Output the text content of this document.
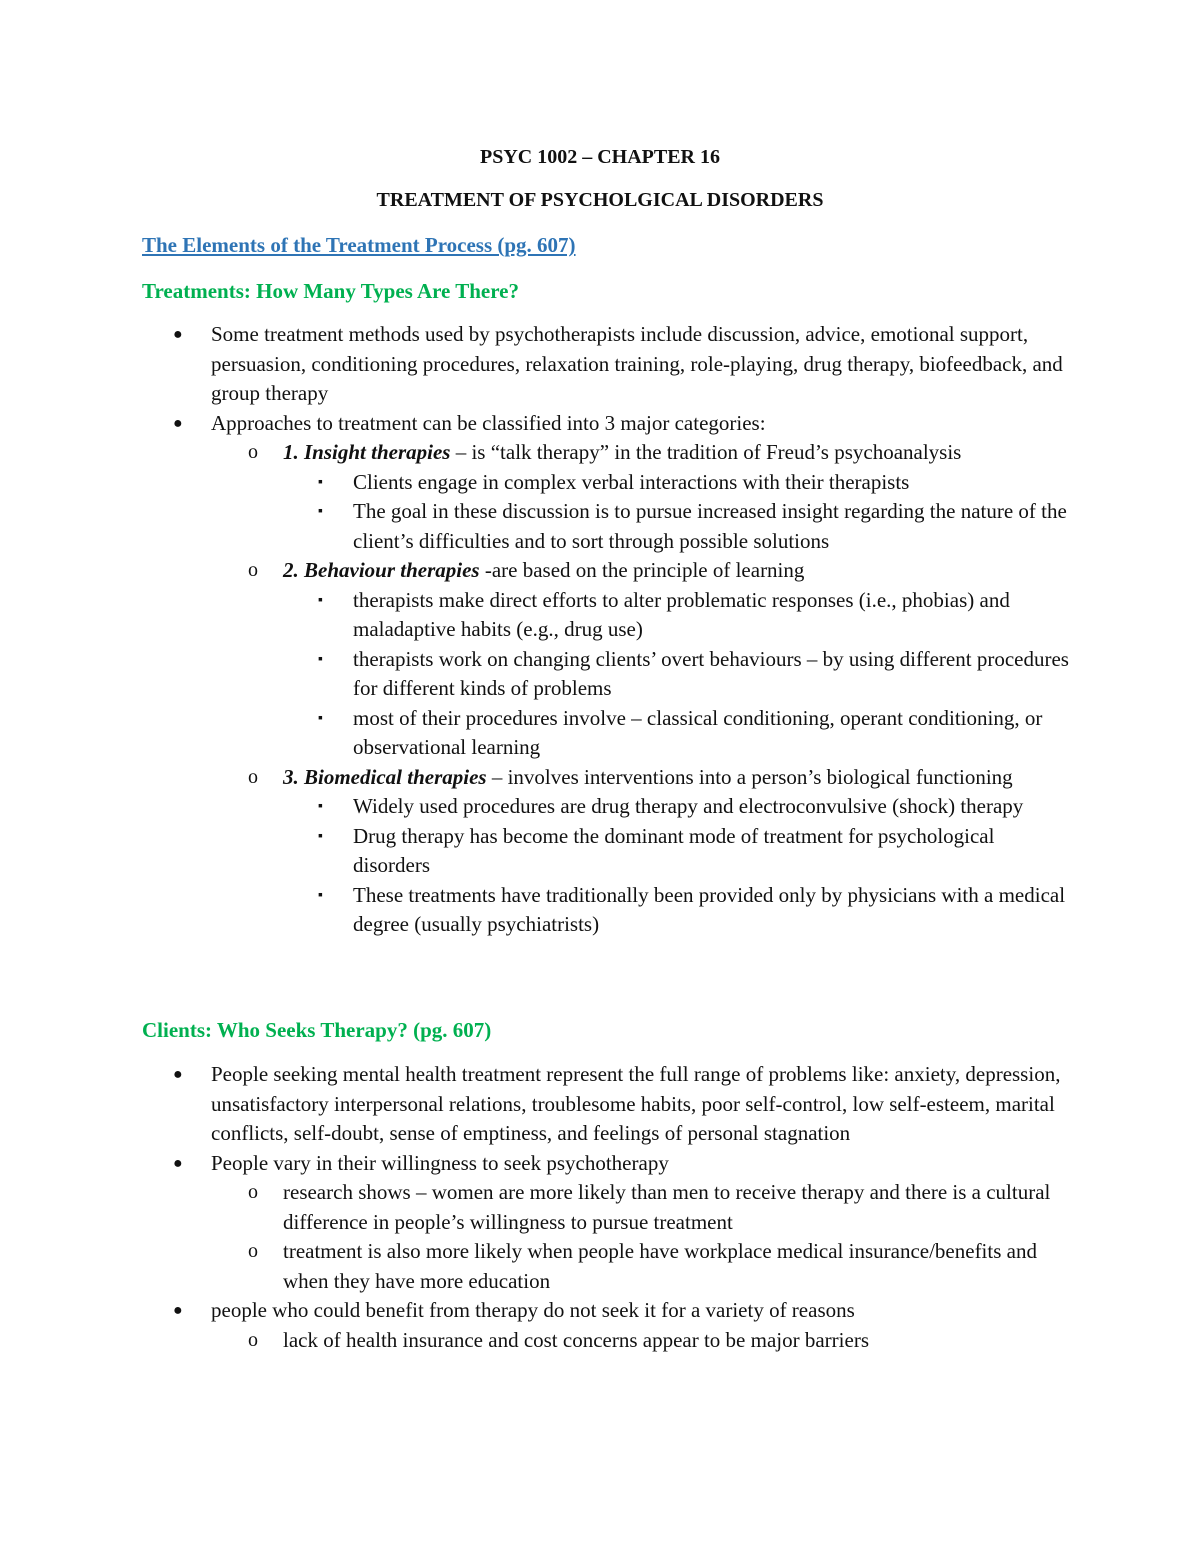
PSYC 1002 – CHAPTER 16
TREATMENT OF PSYCHOLGICAL DISORDERS
The Elements of the Treatment Process (pg. 607)
Treatments: How Many Types Are There?
● Some treatment methods used by psychotherapists include discussion, advice, emotional support, persuasion, conditioning procedures, relaxation training, role-playing, drug therapy, biofeedback, and group therapy
● Approaches to treatment can be classified into 3 major categories:
o 1. Insight therapies – is “talk therapy” in the tradition of Freud’s psychoanalysis
▪ Clients engage in complex verbal interactions with their therapists
▪ The goal in these discussion is to pursue increased insight regarding the nature of the client’s difficulties and to sort through possible solutions
o 2. Behaviour therapies -are based on the principle of learning
▪ therapists make direct efforts to alter problematic responses (i.e., phobias) and maladaptive habits (e.g., drug use)
▪ therapists work on changing clients’ overt behaviours – by using different procedures for different kinds of problems
▪ most of their procedures involve – classical conditioning, operant conditioning, or observational learning
o 3. Biomedical therapies – involves interventions into a person’s biological functioning
▪ Widely used procedures are drug therapy and electroconvulsive (shock) therapy
▪ Drug therapy has become the dominant mode of treatment for psychological disorders
▪ These treatments have traditionally been provided only by physicians with a medical degree (usually psychiatrists)
Clients: Who Seeks Therapy? (pg. 607)
● People seeking mental health treatment represent the full range of problems like: anxiety, depression, unsatisfactory interpersonal relations, troublesome habits, poor self-control, low self-esteem, marital conflicts, self-doubt, sense of emptiness, and feelings of personal stagnation
● People vary in their willingness to seek psychotherapy
o research shows – women are more likely than men to receive therapy and there is a cultural difference in people’s willingness to pursue treatment
o treatment is also more likely when people have workplace medical insurance/benefits and when they have more education
● people who could benefit from therapy do not seek it for a variety of reasons
o lack of health insurance and cost concerns appear to be major barriers
